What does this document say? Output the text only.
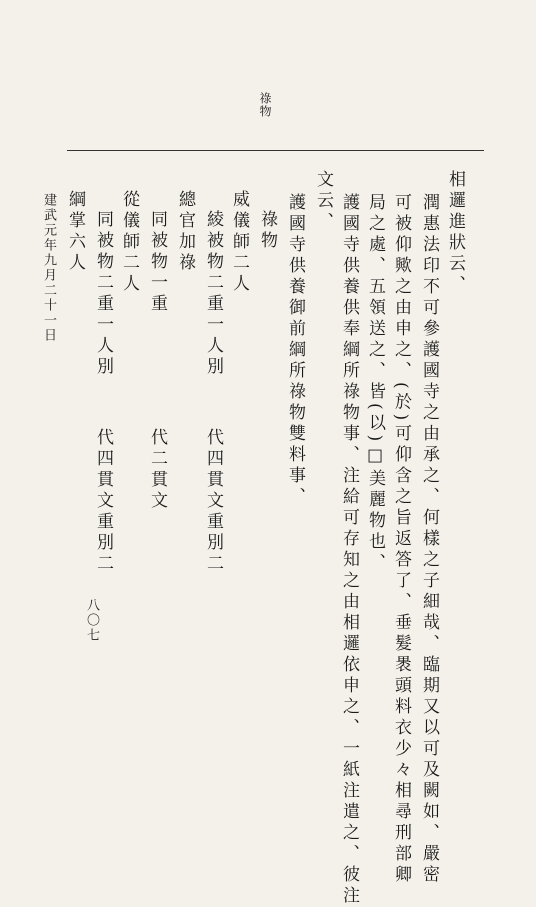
祿物
相邏進狀云、
潤惠法印不可參護國寺之由承之、何樣之子細哉、臨期又以可及闕如、嚴密
可被仰歟之由申之、(於)可仰含之旨返答了、垂髮褁頭料衣少々相尋刑部卿
局之處、五領送之、皆(以)□美麗物也、
護國寺供養供奉綱所祿物事、注給可存知之由相邏依申之、一紙注遣之、彼注
文云、
護國寺供養御前綱所祿物雙料事、
祿物
威儀師二人
綾被物二重一人別
代四貫文重別二
總官加祿
同被物一重
代二貫文
從儀師二人
同被物二重一人別
代四貫文重別二
綱掌六人
建武元年九月二十一日
八〇七
